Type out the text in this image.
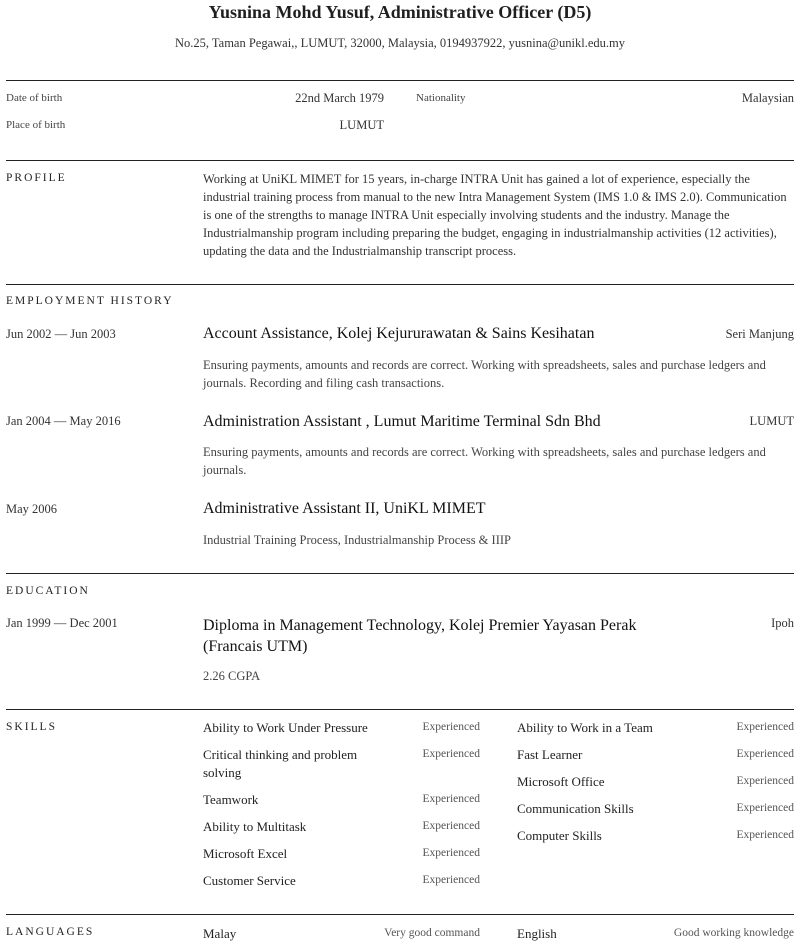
Yusnina Mohd Yusuf, Administrative Officer (D5)
No.25, Taman Pegawai,, LUMUT, 32000, Malaysia, 0194937922, yusnina@unikl.edu.my
Date of birth	22nd March 1979	Nationality	Malaysian
Place of birth	LUMUT
PROFILE	Working at UniKL MIMET for 15 years, in-charge INTRA Unit has gained a lot of experience, especially the industrial training process from manual to the new Intra Management System (IMS 1.0 & IMS 2.0). Communication is one of the strengths to manage INTRA Unit especially involving students and the industry. Manage the Industrialmanship program including preparing the budget, engaging in industrialmanship activities (12 activities), updating the data and the Industrialmanship transcript process.
EMPLOYMENT HISTORY
Jun 2002 — Jun 2003	Account Assistance, Kolej Kejururawatan & Sains Kesihatan	Seri Manjung
Ensuring payments, amounts and records are correct. Working with spreadsheets, sales and purchase ledgers and journals. Recording and filing cash transactions.
Jan 2004 — May 2016	Administration Assistant , Lumut Maritime Terminal Sdn Bhd	LUMUT
Ensuring payments, amounts and records are correct. Working with spreadsheets, sales and purchase ledgers and journals.
May 2006	Administrative Assistant II, UniKL MIMET
Industrial Training Process, Industrialmanship Process & IIIP
EDUCATION
Jan 1999 — Dec 2001	Diploma in Management Technology, Kolej Premier Yayasan Perak
(Francais UTM)
Ipoh
2.26 CGPA
SKILLS	Ability to Work Under Pressure	Experienced
Critical thinking and problem
solving
Experienced
Teamwork	Experienced
Ability to Multitask	Experienced
Microsoft Excel	Experienced
Customer Service	Experienced
Ability to Work in a Team	Experienced
Fast Learner	Experienced
Microsoft Office	Experienced
Communication Skills	Experienced
Computer Skills	Experienced
LANGUAGES	Malay	Very good command	English	Good working knowledge
